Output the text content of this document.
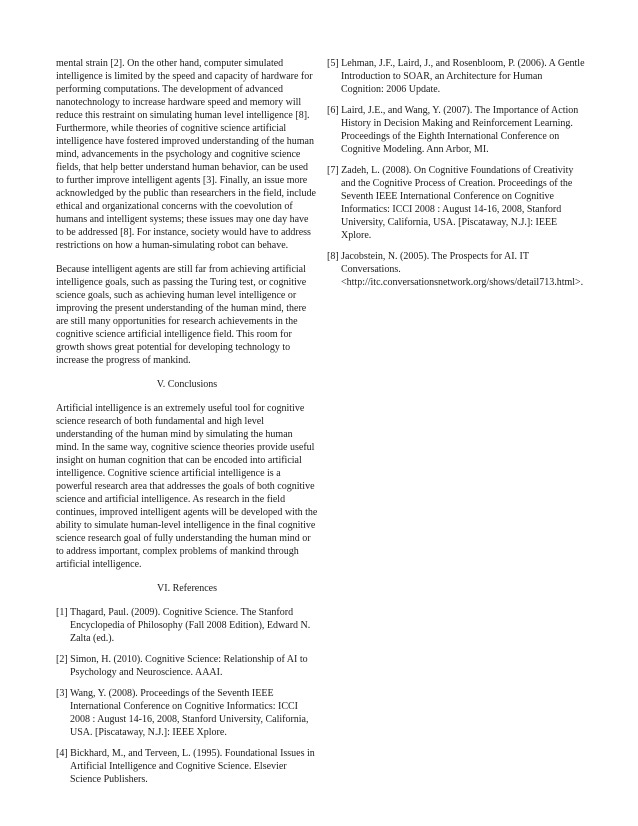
mental strain [2]. On the other hand, computer simulated intelligence is limited by the speed and capacity of hardware for performing computations. The development of advanced nanotechnology to increase hardware speed and memory will reduce this restraint on simulating human level intelligence [8]. Furthermore, while theories of cognitive science artificial intelligence have fostered improved understanding of the human mind, advancements in the psychology and cognitive science fields, that help better understand human behavior, can be used to further improve intelligent agents [3]. Finally, an issue more acknowledged by the public than researchers in the field, include ethical and organizational concerns with the coevolution of humans and intelligent systems; these issues may one day have to be addressed [8]. For instance, society would have to address restrictions on how a human-simulating robot can behave.

Because intelligent agents are still far from achieving artificial intelligence goals, such as passing the Turing test, or cognitive science goals, such as achieving human level intelligence or improving the present understanding of the human mind, there are still many opportunities for research achievements in the cognitive science artificial intelligence field. This room for growth shows great potential for developing technology to increase the progress of mankind.

V. Conclusions

Artificial intelligence is an extremely useful tool for cognitive science research of both fundamental and high level understanding of the human mind by simulating the human mind. In the same way, cognitive science theories provide useful insight on human cognition that can be encoded into artificial intelligence. Cognitive science artificial intelligence is a powerful research area that addresses the goals of both cognitive science and artificial intelligence. As research in the field continues, improved intelligent agents will be developed with the ability to simulate human-level intelligence in the final cognitive science research goal of fully understanding the human mind or to address important, complex problems of mankind through artificial intelligence.

VI. References
[1] Thagard, Paul. (2009). Cognitive Science. The Stanford Encyclopedia of Philosophy (Fall 2008 Edition), Edward N. Zalta (ed.).
[2] Simon, H. (2010). Cognitive Science: Relationship of AI to Psychology and Neuroscience. AAAI.
[3] Wang, Y. (2008). Proceedings of the Seventh IEEE International Conference on Cognitive Informatics: ICCI 2008 : August 14-16, 2008, Stanford University, California, USA. [Piscataway, N.J.]: IEEE Xplore.
[4] Bickhard, M., and Terveen, L. (1995). Foundational Issues in Artificial Intelligence and Cognitive Science. Elsevier Science Publishers.
[5] Lehman, J.F., Laird, J., and Rosenbloom, P. (2006). A Gentle Introduction to SOAR, an Architecture for Human Cognition: 2006 Update.
[6] Laird, J.E., and Wang, Y. (2007). The Importance of Action History in Decision Making and Reinforcement Learning. Proceedings of the Eighth International Conference on Cognitive Modeling. Ann Arbor, MI.
[7] Zadeh, L. (2008). On Cognitive Foundations of Creativity and the Cognitive Process of Creation. Proceedings of the Seventh IEEE International Conference on Cognitive Informatics: ICCI 2008 : August 14-16, 2008, Stanford University, California, USA. [Piscataway, N.J.]: IEEE Xplore.
[8] Jacobstein, N. (2005). The Prospects for AI. IT Conversations. <http://itc.conversationsnetwork.org/shows/detail713.html>.
